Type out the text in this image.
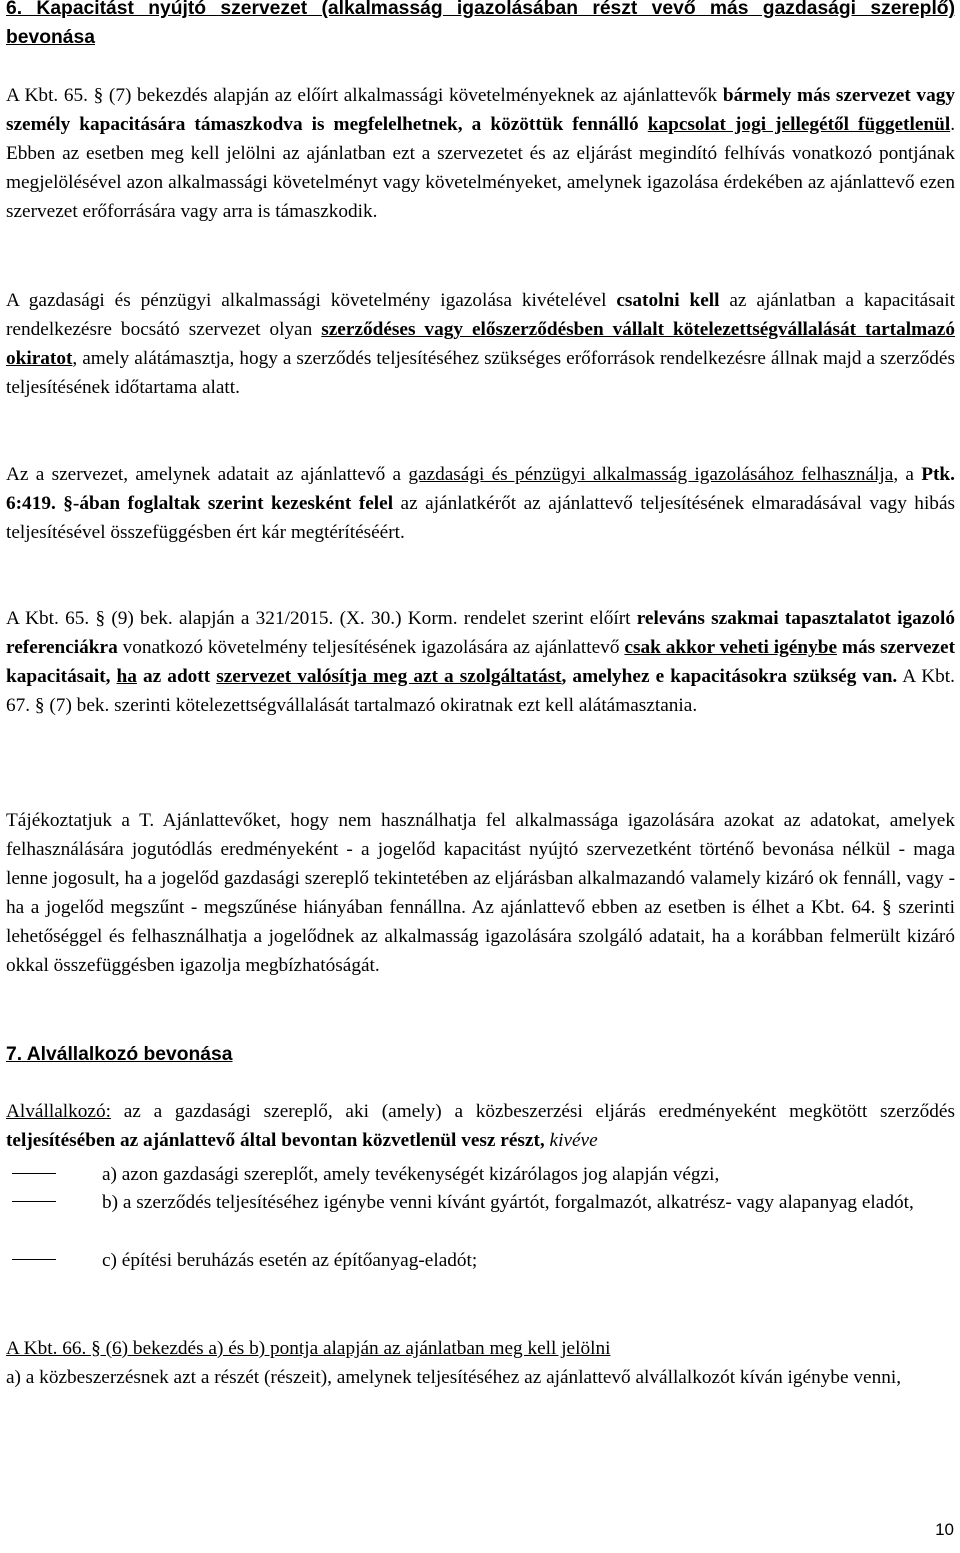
6. Kapacitást nyújtó szervezet (alkalmasság igazolásában részt vevő más gazdasági szereplő) bevonása

A Kbt. 65. § (7) bekezdés alapján az előírt alkalmassági követelményeknek az ajánlattevők bármely más szervezet vagy személy kapacitására támaszkodva is megfelelhetnek, a közöttük fennálló kapcsolat jogi jellegétől függetlenül. Ebben az esetben meg kell jelölni az ajánlatban ezt a szervezetet és az eljárást megindító felhívás vonatkozó pontjának megjelölésével azon alkalmassági követelményt vagy követelményeket, amelynek igazolása érdekében az ajánlattevő ezen szervezet erőforrására vagy arra is támaszkodik.

A gazdasági és pénzügyi alkalmassági követelmény igazolása kivételével csatolni kell az ajánlatban a kapacitásait rendelkezésre bocsátó szervezet olyan szerződéses vagy előszerződésben vállalt kötelezettségvállalását tartalmazó okiratot, amely alátámasztja, hogy a szerződés teljesítéséhez szükséges erőforrások rendelkezésre állnak majd a szerződés teljesítésének időtartama alatt.

Az a szervezet, amelynek adatait az ajánlattevő a gazdasági és pénzügyi alkalmasság igazolásához felhasználja, a Ptk. 6:419. §-ában foglaltak szerint kezesként felel az ajánlatkérőt az ajánlattevő teljesítésének elmaradásával vagy hibás teljesítésével összefüggésben ért kár megtérítéséért.

A Kbt. 65. § (9) bek. alapján a 321/2015. (X. 30.) Korm. rendelet szerint előírt releváns szakmai tapasztalatot igazoló referenciákra vonatkozó követelmény teljesítésének igazolására az ajánlattevő csak akkor veheti igénybe más szervezet kapacitásait, ha az adott szervezet valósítja meg azt a szolgáltatást, amelyhez e kapacitásokra szükség van. A Kbt. 67. § (7) bek. szerinti kötelezettségvállalását tartalmazó okiratnak ezt kell alátámasztania.

Tájékoztatjuk a T. Ajánlattevőket, hogy nem használhatja fel alkalmassága igazolására azokat az adatokat, amelyek felhasználására jogutódlás eredményeként - a jogelőd kapacitást nyújtó szervezetként történő bevonása nélkül - maga lenne jogosult, ha a jogelőd gazdasági szereplő tekintetében az eljárásban alkalmazandó valamely kizáró ok fennáll, vagy - ha a jogelőd megszűnt - megszűnése hiányában fennállna. Az ajánlattevő ebben az esetben is élhet a Kbt. 64. § szerinti lehetőséggel és felhasználhatja a jogelődnek az alkalmasság igazolására szolgáló adatait, ha a korábban felmerült kizáró okkal összefüggésben igazolja megbízhatóságát.

7. Alvállalkozó bevonása

Alvállalkozó: az a gazdasági szereplő, aki (amely) a közbeszerzési eljárás eredményeként megkötött szerződés teljesítésében az ajánlattevő által bevontan közvetlenül vesz részt, kivéve

a) azon gazdasági szereplőt, amely tevékenységét kizárólagos jog alapján végzi,

b) a szerződés teljesítéséhez igénybe venni kívánt gyártót, forgalmazót, alkatrész- vagy alapanyag eladót,

c) építési beruházás esetén az építőanyag-eladót;

A Kbt. 66. § (6) bekezdés a) és b) pontja alapján az ajánlatban meg kell jelölni

a) a közbeszerzésnek azt a részét (részeit), amelynek teljesítéséhez az ajánlattevő alvállalkozót kíván igénybe venni,

10
